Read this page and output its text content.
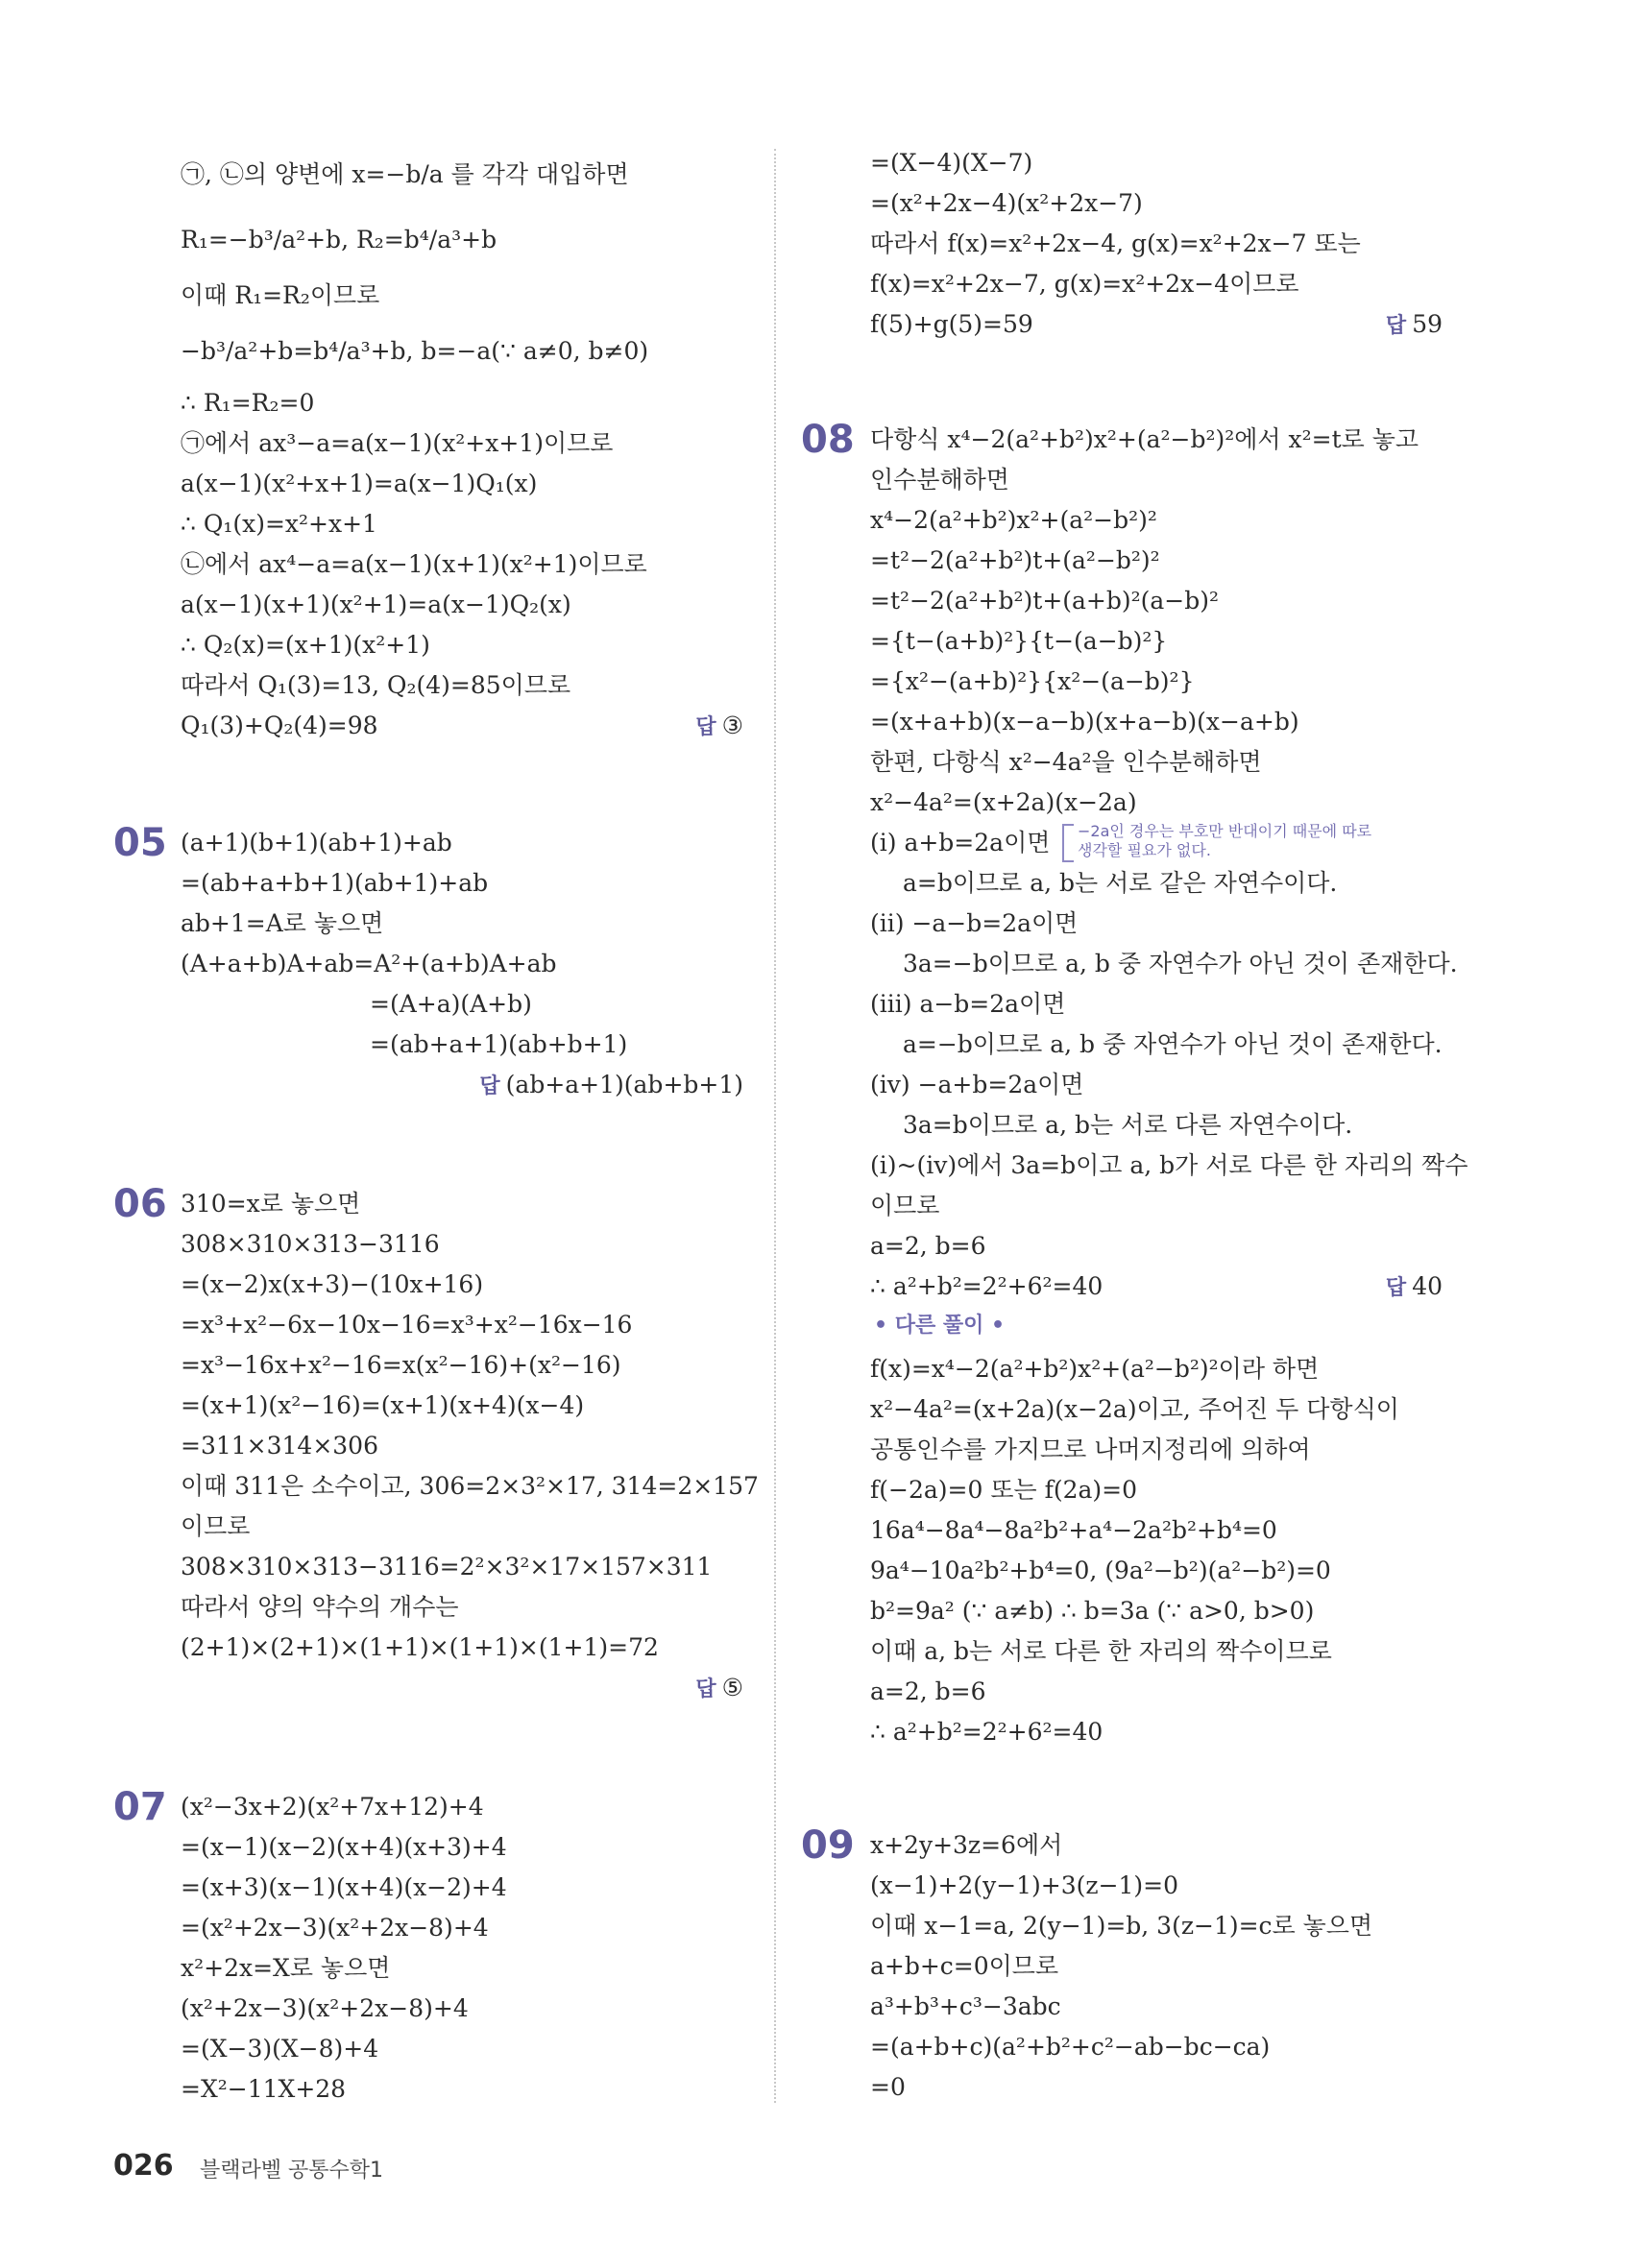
㉠, ㉡의 양변에 x=−b/a 를 각각 대입하면
R₁=−b³/a²+b, R₂=b⁴/a³+b
이때 R₁=R₂이므로
−b³/a²+b=b⁴/a³+b, b=−a(∵ a≠0, b≠0)
∴ R₁=R₂=0
㉠에서 ax³−a=a(x−1)(x²+x+1)이므로
a(x−1)(x²+x+1)=a(x−1)Q₁(x)
∴ Q₁(x)=x²+x+1
㉡에서 ax⁴−a=a(x−1)(x+1)(x²+1)이므로
a(x−1)(x+1)(x²+1)=a(x−1)Q₂(x)
∴ Q₂(x)=(x+1)(x²+1)
따라서 Q₁(3)=13, Q₂(4)=85이므로
Q₁(3)+Q₂(4)=98	답 ③
05 (a+1)(b+1)(ab+1)+ab
=(ab+a+b+1)(ab+1)+ab
ab+1=A로 놓으면
(A+a+b)A+ab=A²+(a+b)A+ab
=(A+a)(A+b)
=(ab+a+1)(ab+b+1)
답 (ab+a+1)(ab+b+1)
06 310=x로 놓으면
308×310×313−3116
=(x−2)x(x+3)−(10x+16)
=x³+x²−6x−10x−16=x³+x²−16x−16
=x³−16x+x²−16=x(x²−16)+(x²−16)
=(x+1)(x²−16)=(x+1)(x+4)(x−4)
=311×314×306
이때 311은 소수이고, 306=2×3²×17, 314=2×157
이므로
308×310×313−3116=2²×3²×17×157×311
따라서 양의 약수의 개수는
(2+1)×(2+1)×(1+1)×(1+1)×(1+1)=72
답 ⑤
07 (x²−3x+2)(x²+7x+12)+4
=(x−1)(x−2)(x+4)(x+3)+4
=(x+3)(x−1)(x+4)(x−2)+4
=(x²+2x−3)(x²+2x−8)+4
x²+2x=X로 놓으면
(x²+2x−3)(x²+2x−8)+4
=(X−3)(X−8)+4
=X²−11X+28
=(X−4)(X−7)
=(x²+2x−4)(x²+2x−7)
따라서 f(x)=x²+2x−4, g(x)=x²+2x−7 또는
f(x)=x²+2x−7, g(x)=x²+2x−4이므로
f(5)+g(5)=59	답 59
08 다항식 x⁴−2(a²+b²)x²+(a²−b²)²에서 x²=t로 놓고
인수분해하면
x⁴−2(a²+b²)x²+(a²−b²)²
=t²−2(a²+b²)t+(a²−b²)²
=t²−2(a²+b²)t+(a+b)²(a−b)²
={t−(a+b)²}{t−(a−b)²}
={x²−(a+b)²}{x²−(a−b)²}
=(x+a+b)(x−a−b)(x+a−b)(x−a+b)
한편, 다항식 x²−4a²을 인수분해하면
x²−4a²=(x+2a)(x−2a)
(ⅰ) a+b=2a이면 −2a인 경우는 부호만 반대이기 때문에 따로
생각할 필요가 없다.
a=b이므로 a, b는 서로 같은 자연수이다.
(ⅱ) −a−b=2a이면
3a=−b이므로 a, b 중 자연수가 아닌 것이 존재한다.
(ⅲ) a−b=2a이면
a=−b이므로 a, b 중 자연수가 아닌 것이 존재한다.
(ⅳ) −a+b=2a이면
3a=b이므로 a, b는 서로 다른 자연수이다.
(ⅰ)~(ⅳ)에서 3a=b이고 a, b가 서로 다른 한 자리의 짝수
이므로
a=2, b=6
∴ a²+b²=2²+6²=40	답 40
• 다른 풀이 •
f(x)=x⁴−2(a²+b²)x²+(a²−b²)²이라 하면
x²−4a²=(x+2a)(x−2a)이고, 주어진 두 다항식이
공통인수를 가지므로 나머지정리에 의하여
f(−2a)=0 또는 f(2a)=0
16a⁴−8a⁴−8a²b²+a⁴−2a²b²+b⁴=0
9a⁴−10a²b²+b⁴=0, (9a²−b²)(a²−b²)=0
b²=9a² (∵ a≠b) ∴ b=3a (∵ a>0, b>0)
이때 a, b는 서로 다른 한 자리의 짝수이므로
a=2, b=6
∴ a²+b²=2²+6²=40
09 x+2y+3z=6에서
(x−1)+2(y−1)+3(z−1)=0
이때 x−1=a, 2(y−1)=b, 3(z−1)=c로 놓으면
a+b+c=0이므로
a³+b³+c³−3abc
=(a+b+c)(a²+b²+c²−ab−bc−ca)
=0
026 블랙라벨 공통수학1
